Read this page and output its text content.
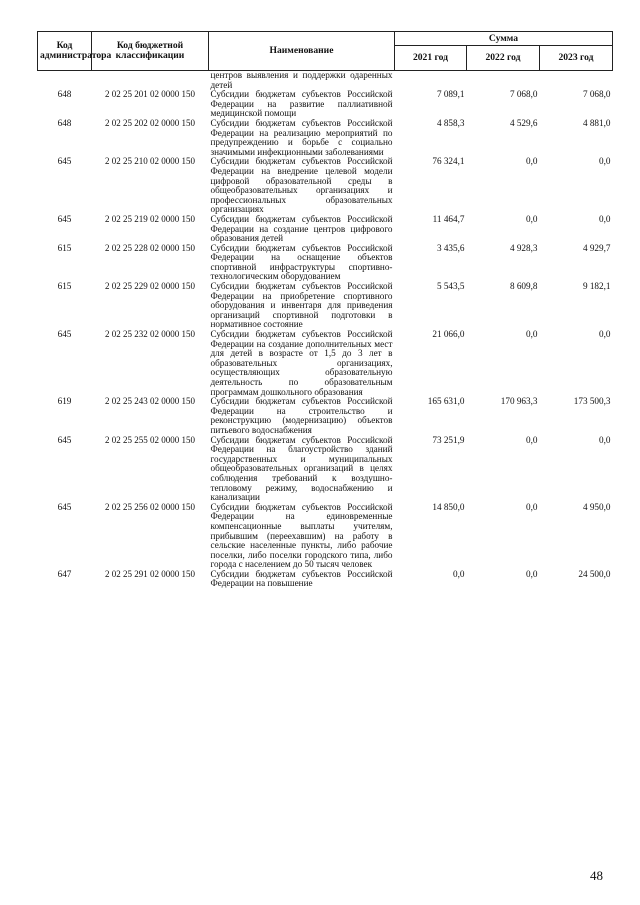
Код администратора	Код бюджетной классификации	Наименование	Сумма		
			2021 год	2022 год	2023 год
		центров выявления и поддержки одаренных детей			
648	2 02 25 201 02 0000 150	Субсидии бюджетам субъектов Российской Федерации на развитие паллиативной медицинской помощи	7 089,1	7 068,0	7 068,0
648	2 02 25 202 02 0000 150	Субсидии бюджетам субъектов Российской Федерации на реализацию мероприятий по предупреждению и борьбе с социально значимыми инфекционными заболеваниями	4 858,3	4 529,6	4 881,0
645	2 02 25 210 02 0000 150	Субсидии бюджетам субъектов Российской Федерации на внедрение целевой модели цифровой образовательной среды в общеобразовательных организациях и профессиональных образовательных организациях	76 324,1	0,0	0,0
645	2 02 25 219 02 0000 150	Субсидии бюджетам субъектов Российской Федерации на создание центров цифрового образования детей	11 464,7	0,0	0,0
615	2 02 25 228 02 0000 150	Субсидии бюджетам субъектов Российской Федерации на оснащение объектов спортивной инфраструктуры спортивно-технологическим оборудованием	3 435,6	4 928,3	4 929,7
615	2 02 25 229 02 0000 150	Субсидии бюджетам субъектов Российской Федерации на приобретение спортивного оборудования и инвентаря для приведения организаций спортивной подготовки в нормативное состояние	5 543,5	8 609,8	9 182,1
645	2 02 25 232 02 0000 150	Субсидии бюджетам субъектов Российской Федерации на создание дополнительных мест для детей в возрасте от 1,5 до 3 лет в образовательных организациях, осуществляющих образовательную деятельность по образовательным программам дошкольного образования	21 066,0	0,0	0,0
619	2 02 25 243 02 0000 150	Субсидии бюджетам субъектов Российской Федерации на строительство и реконструкцию (модернизацию) объектов питьевого водоснабжения	165 631,0	170 963,3	173 500,3
645	2 02 25 255 02 0000 150	Субсидии бюджетам субъектов Российской Федерации на благоустройство зданий государственных и муниципальных общеобразовательных организаций в целях соблюдения требований к воздушно-тепловому режиму, водоснабжению и канализации	73 251,9	0,0	0,0
645	2 02 25 256 02 0000 150	Субсидии бюджетам субъектов Российской Федерации на единовременные компенсационные выплаты учителям, прибывшим (переехавшим) на работу в сельские населенные пункты, либо рабочие поселки, либо поселки городского типа, либо города с населением до 50 тысяч человек	14 850,0	0,0	4 950,0
647	2 02 25 291 02 0000 150	Субсидии бюджетам субъектов Российской Федерации на повышение	0,0	0,0	24 500,0
48
